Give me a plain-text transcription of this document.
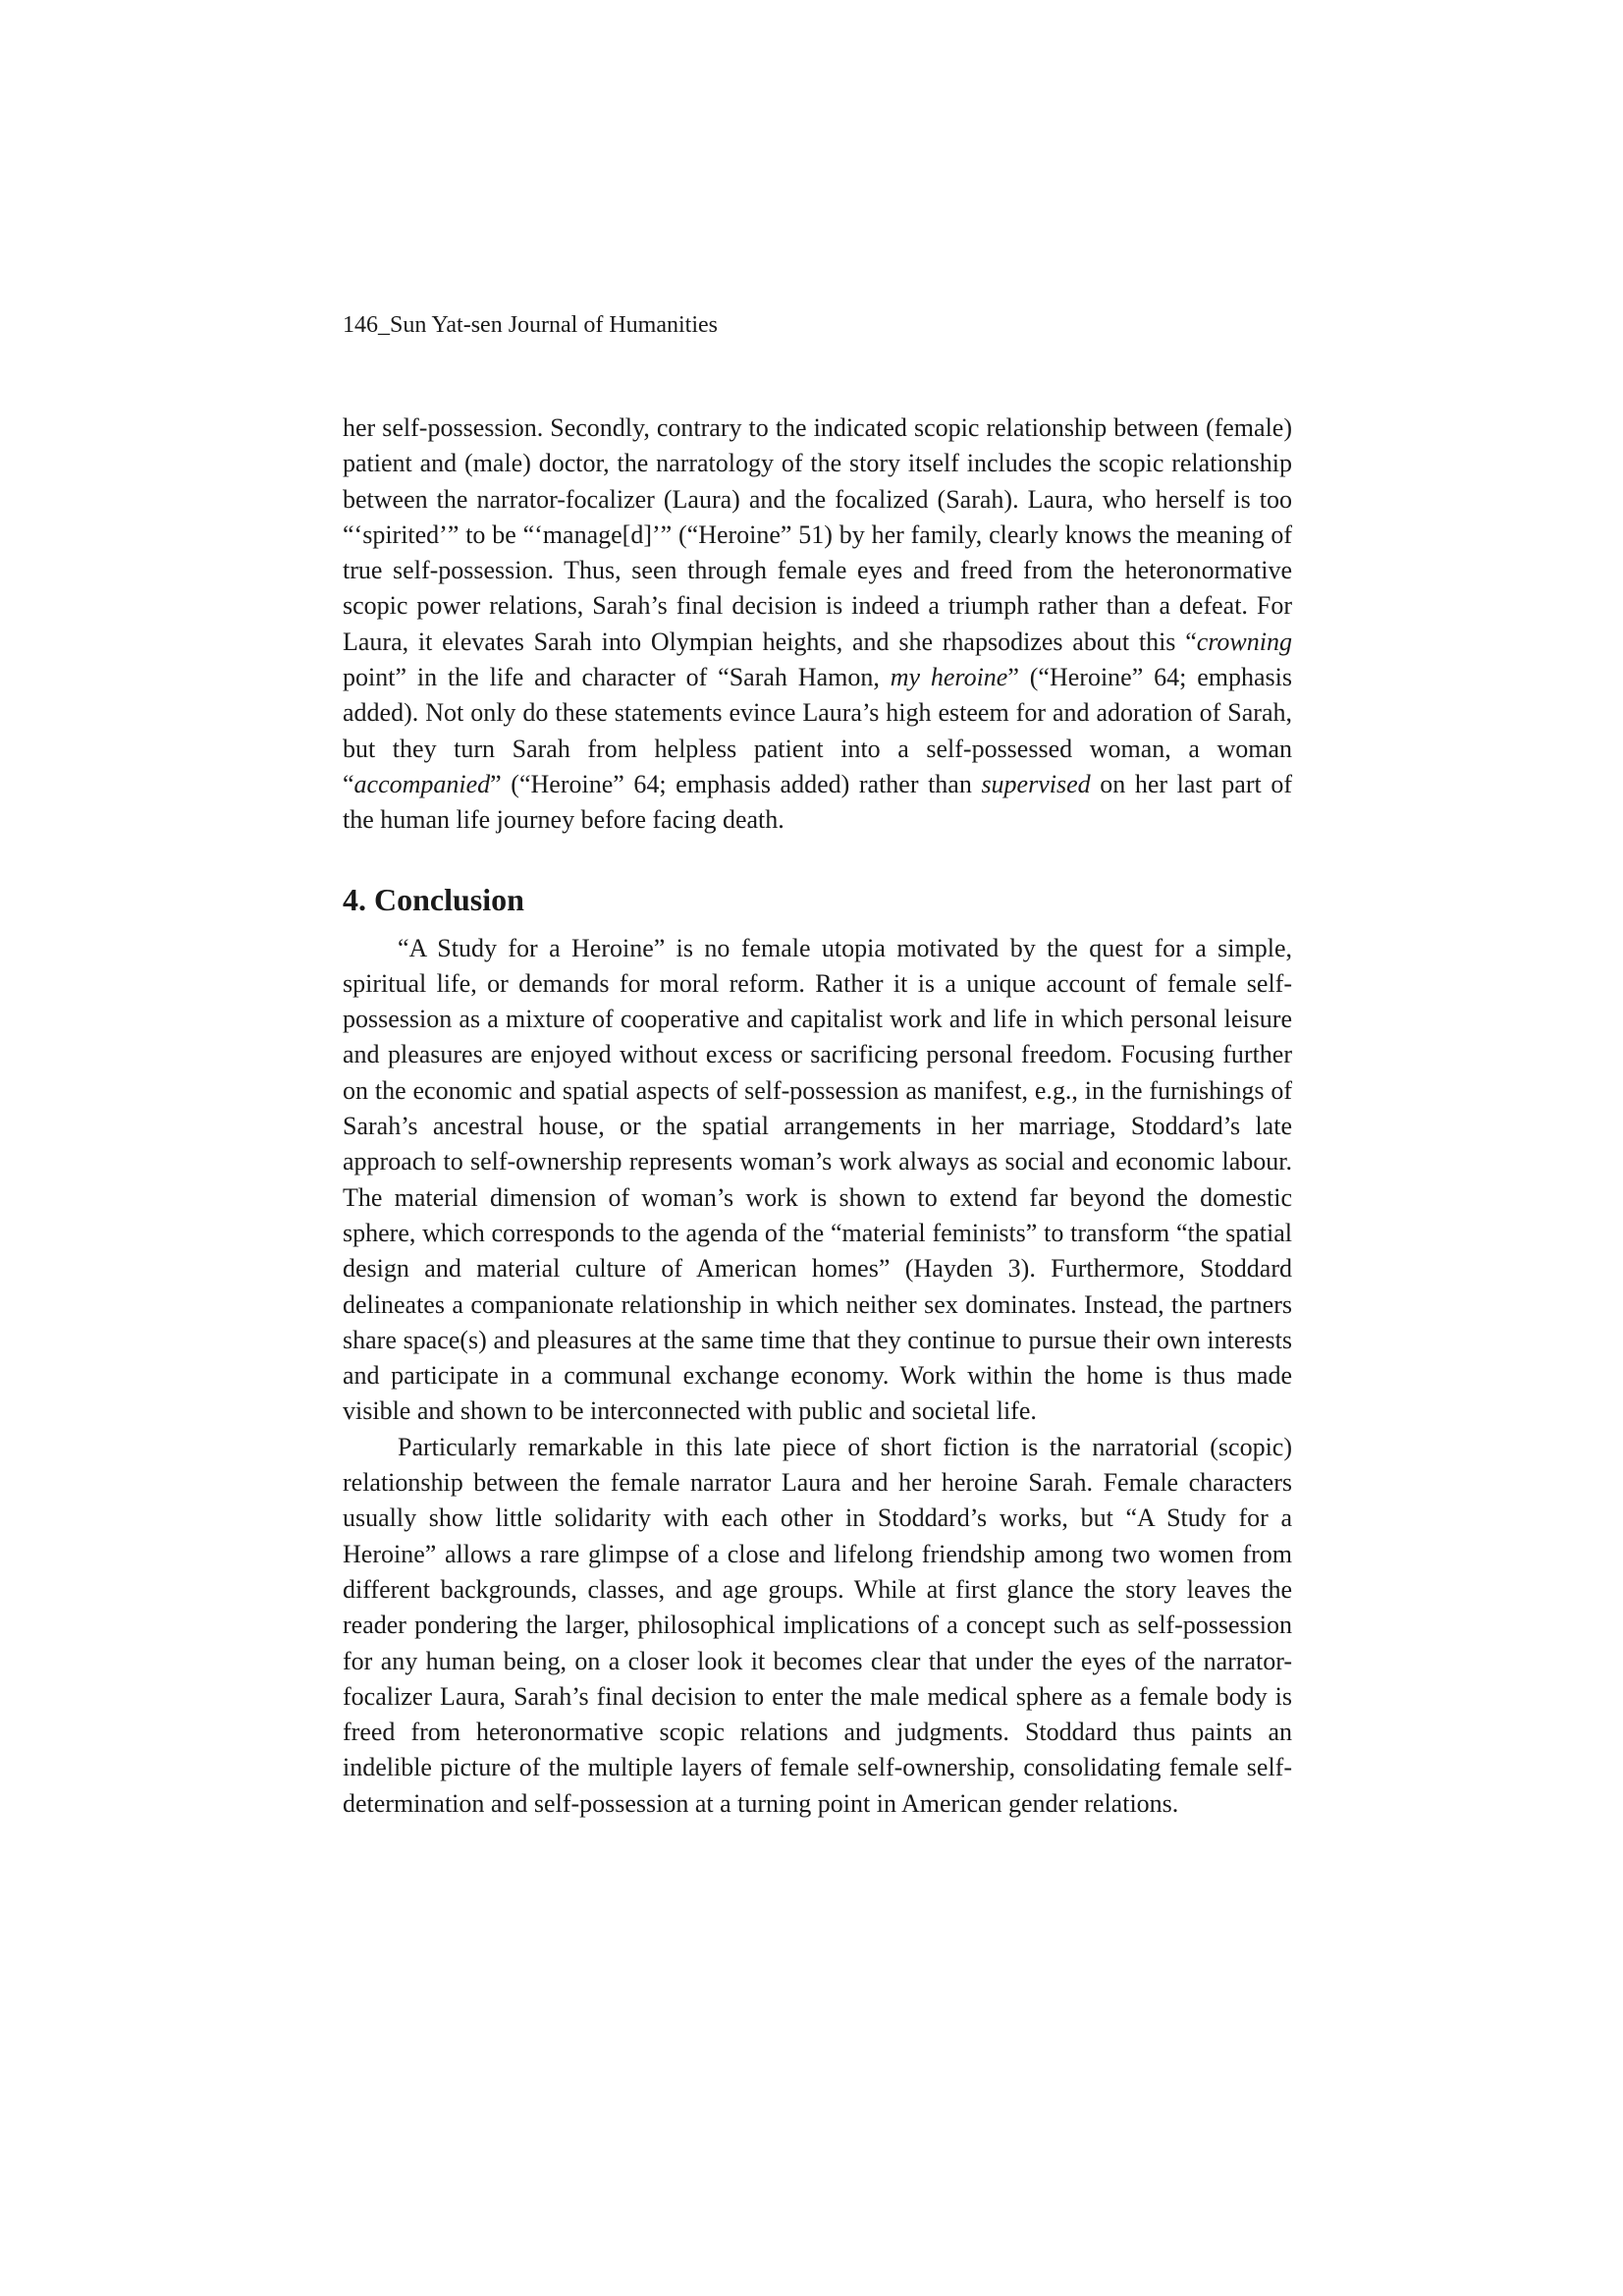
146_Sun Yat-sen Journal of Humanities

her self-possession. Secondly, contrary to the indicated scopic relationship between (female) patient and (male) doctor, the narratology of the story itself includes the scopic relationship between the narrator-focalizer (Laura) and the focalized (Sarah). Laura, who herself is too “‘spirited’” to be “‘manage[d]’” (“Heroine” 51) by her family, clearly knows the meaning of true self-possession. Thus, seen through female eyes and freed from the heteronormative scopic power relations, Sarah’s final decision is indeed a triumph rather than a defeat. For Laura, it elevates Sarah into Olympian heights, and she rhapsodizes about this “crowning point” in the life and character of “Sarah Hamon, my heroine” (“Heroine” 64; emphasis added). Not only do these statements evince Laura’s high esteem for and adoration of Sarah, but they turn Sarah from helpless patient into a self-possessed woman, a woman “accompanied” (“Heroine” 64; emphasis added) rather than supervised on her last part of the human life journey before facing death.

4. Conclusion

“A Study for a Heroine” is no female utopia motivated by the quest for a simple, spiritual life, or demands for moral reform. Rather it is a unique account of female self-possession as a mixture of cooperative and capitalist work and life in which personal leisure and pleasures are enjoyed without excess or sacrificing personal freedom. Focusing further on the economic and spatial aspects of self-possession as manifest, e.g., in the furnishings of Sarah’s ancestral house, or the spatial arrangements in her marriage, Stoddard’s late approach to self-ownership represents woman’s work always as social and economic labour. The material dimension of woman’s work is shown to extend far beyond the domestic sphere, which corresponds to the agenda of the “material feminists” to transform “the spatial design and material culture of American homes” (Hayden 3). Furthermore, Stoddard delineates a companionate relationship in which neither sex dominates. Instead, the partners share space(s) and pleasures at the same time that they continue to pursue their own interests and participate in a communal exchange economy. Work within the home is thus made visible and shown to be interconnected with public and societal life.

Particularly remarkable in this late piece of short fiction is the narratorial (scopic) relationship between the female narrator Laura and her heroine Sarah. Female characters usually show little solidarity with each other in Stoddard’s works, but “A Study for a Heroine” allows a rare glimpse of a close and lifelong friendship among two women from different backgrounds, classes, and age groups. While at first glance the story leaves the reader pondering the larger, philosophical implications of a concept such as self-possession for any human being, on a closer look it becomes clear that under the eyes of the narrator-focalizer Laura, Sarah’s final decision to enter the male medical sphere as a female body is freed from heteronormative scopic relations and judgments. Stoddard thus paints an indelible picture of the multiple layers of female self-ownership, consolidating female self-determination and self-possession at a turning point in American gender relations.
